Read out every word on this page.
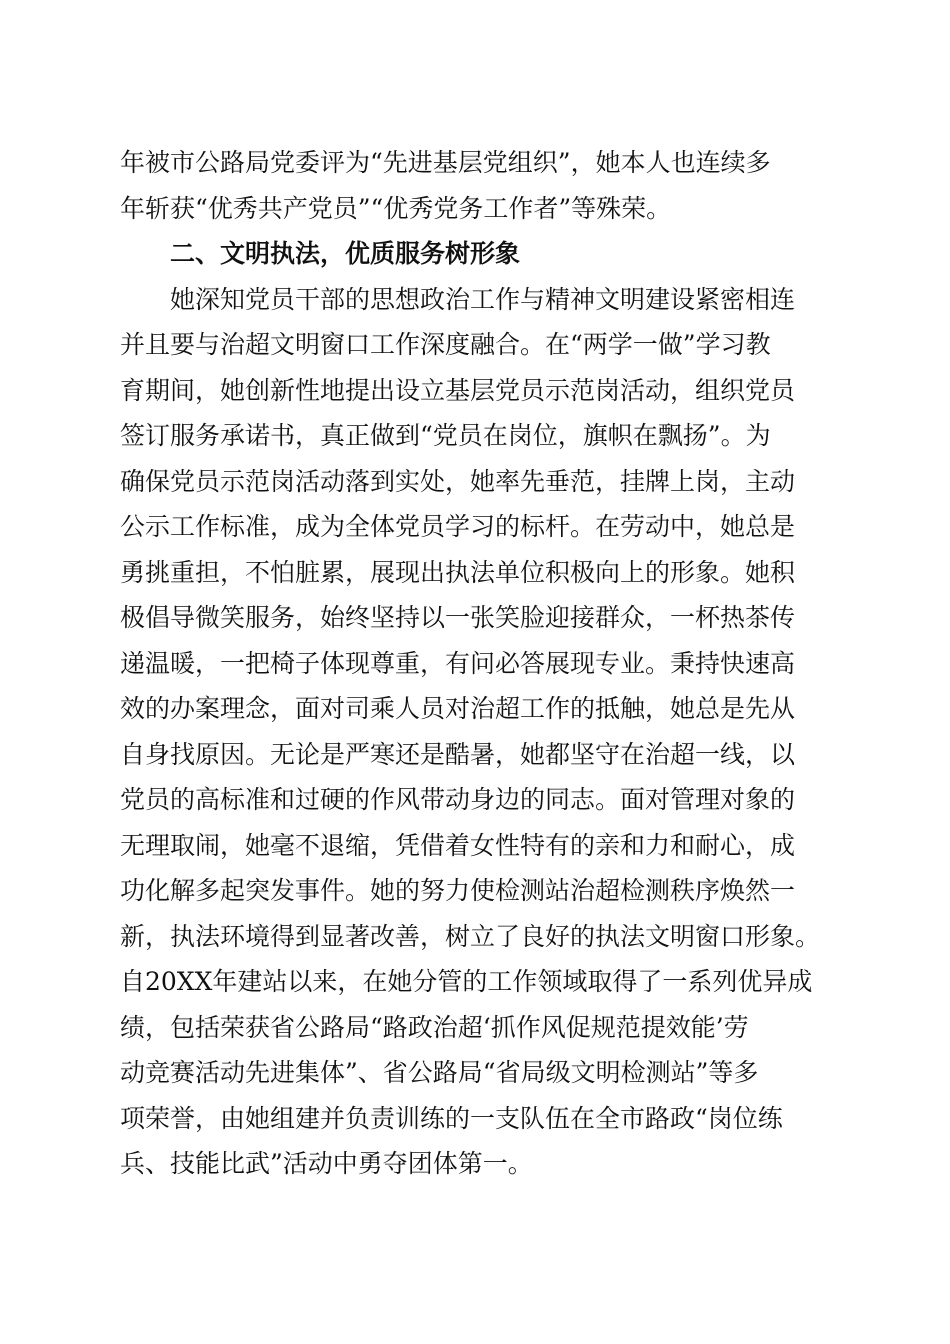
年被市公路局党委评为“先进基层党组织”，她本人也连续多
年斩获“优秀共产党员”“优秀党务工作者”等殊荣。
二、文明执法，优质服务树形象
她深知党员干部的思想政治工作与精神文明建设紧密相连
并且要与治超文明窗口工作深度融合。在“两学一做”学习教
育期间，她创新性地提出设立基层党员示范岗活动，组织党员
签订服务承诺书，真正做到“党员在岗位，旗帜在飘扬”。为
确保党员示范岗活动落到实处，她率先垂范，挂牌上岗，主动
公示工作标准，成为全体党员学习的标杆。在劳动中，她总是
勇挑重担，不怕脏累，展现出执法单位积极向上的形象。她积
极倡导微笑服务，始终坚持以一张笑脸迎接群众，一杯热茶传
递温暖，一把椅子体现尊重，有问必答展现专业。秉持快速高
效的办案理念，面对司乘人员对治超工作的抵触，她总是先从
自身找原因。无论是严寒还是酷暑，她都坚守在治超一线，以
党员的高标准和过硬的作风带动身边的同志。面对管理对象的
无理取闹，她毫不退缩，凭借着女性特有的亲和力和耐心，成
功化解多起突发事件。她的努力使检测站治超检测秩序焕然一
新，执法环境得到显著改善，树立了良好的执法文明窗口形象。
自20XX年建站以来，在她分管的工作领域取得了一系列优异成
绩，包括荣获省公路局“路政治超‘抓作风促规范提效能’劳
动竞赛活动先进集体”、省公路局“省局级文明检测站”等多
项荣誉，由她组建并负责训练的一支队伍在全市路政“岗位练
兵、技能比武”活动中勇夺团体第一。
